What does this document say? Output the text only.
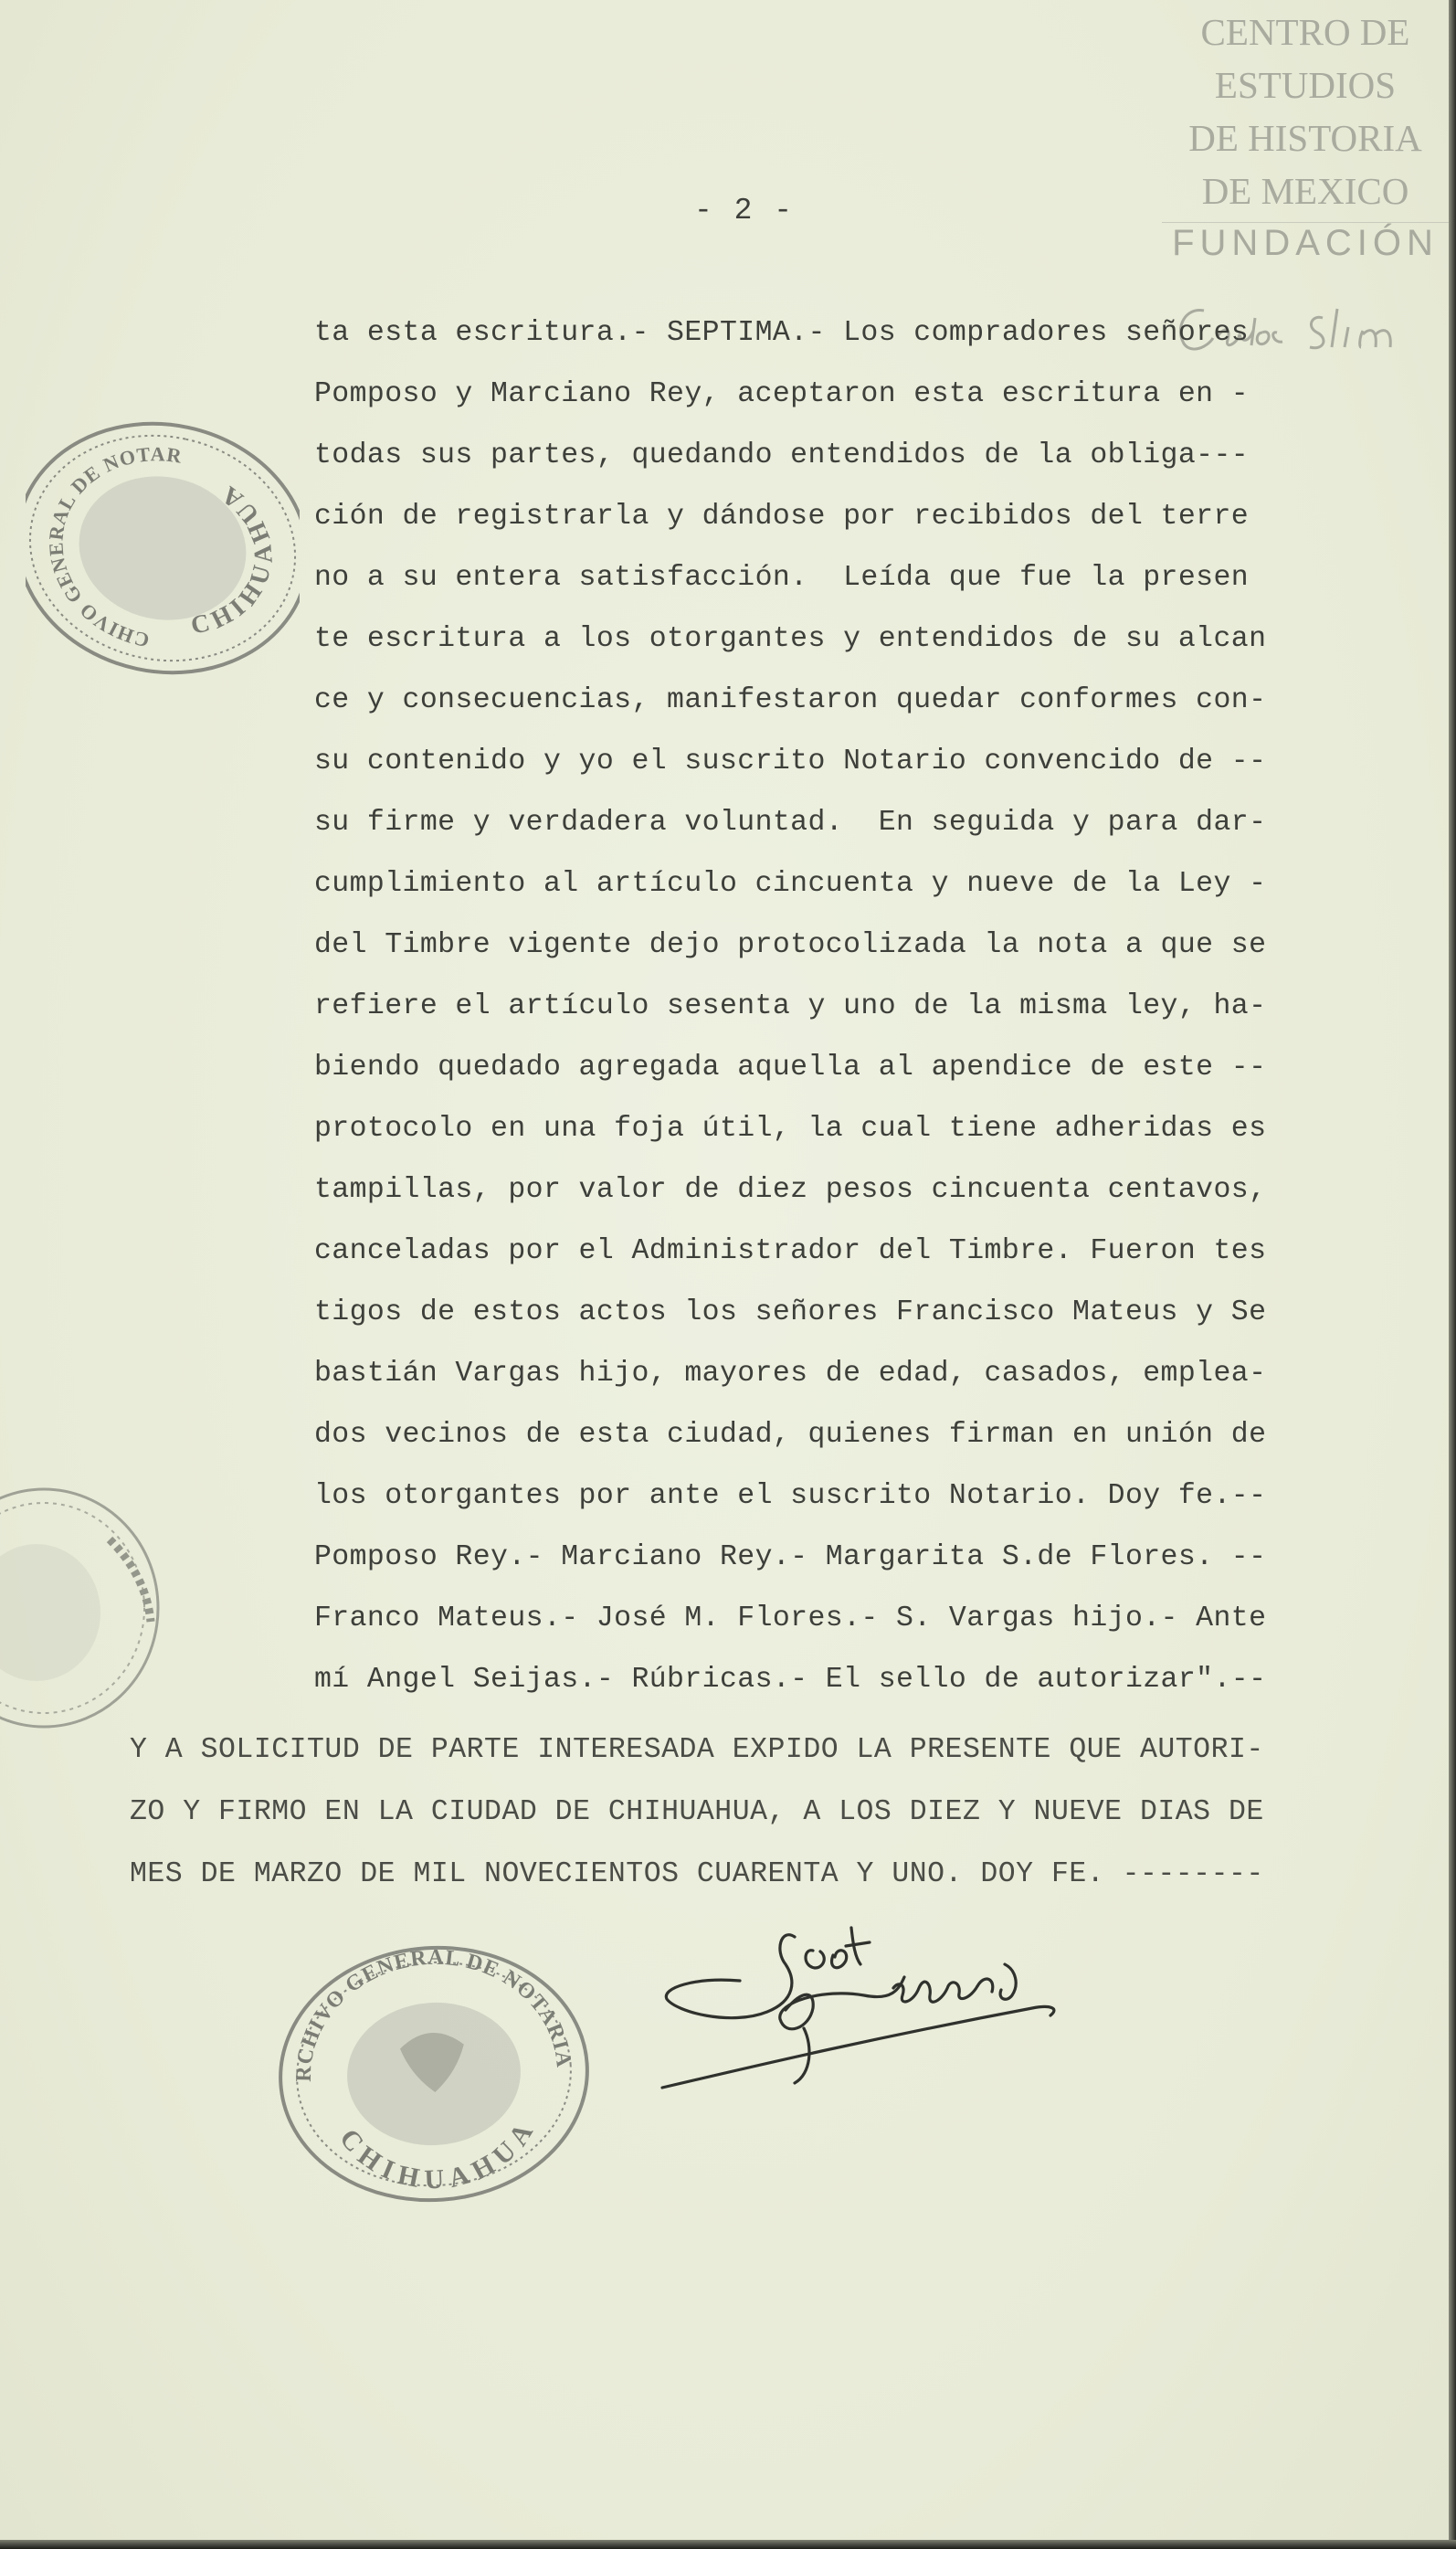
CENTRO DE
ESTUDIOS
DE HISTORIA
DE MEXICO
FUNDACIÓN
- 2 -
ta esta escritura.- SEPTIMA.- Los compradores señores
Pomposo y Marciano Rey, aceptaron esta escritura en -
todas sus partes, quedando entendidos de la obliga---
ción de registrarla y dándose por recibidos del terre
no a su entera satisfacción.  Leída que fue la presen
te escritura a los otorgantes y entendidos de su alcan
ce y consecuencias, manifestaron quedar conformes con-
su contenido y yo el suscrito Notario convencido de --
su firme y verdadera voluntad.  En seguida y para dar-
cumplimiento al artículo cincuenta y nueve de la Ley -
del Timbre vigente dejo protocolizada la nota a que se
refiere el artículo sesenta y uno de la misma ley, ha-
biendo quedado agregada aquella al apendice de este --
protocolo en una foja útil, la cual tiene adheridas es
tampillas, por valor de diez pesos cincuenta centavos,
canceladas por el Administrador del Timbre. Fueron tes
tigos de estos actos los señores Francisco Mateus y Se
bastián Vargas hijo, mayores de edad, casados, emplea-
dos vecinos de esta ciudad, quienes firman en unión de
los otorgantes por ante el suscrito Notario. Doy fe.--
Pomposo Rey.- Marciano Rey.- Margarita S.de Flores. --
Franco Mateus.- José M. Flores.- S. Vargas hijo.- Ante
mí Angel Seijas.- Rúbricas.- El sello de autorizar".--
Y A SOLICITUD DE PARTE INTERESADA EXPIDO LA PRESENTE QUE AUTORI-
ZO Y FIRMO EN LA CIUDAD DE CHIHUAHUA, A LOS DIEZ Y NUEVE DIAS DE
MES DE MARZO DE MIL NOVECIENTOS CUARENTA Y UNO. DOY FE. --------
ARCHIVO GENERAL DE NOTARIAS
CHIHUAHUA
ARCHIVO GENERAL DE NOTARIAS
CHIHUAHUA
